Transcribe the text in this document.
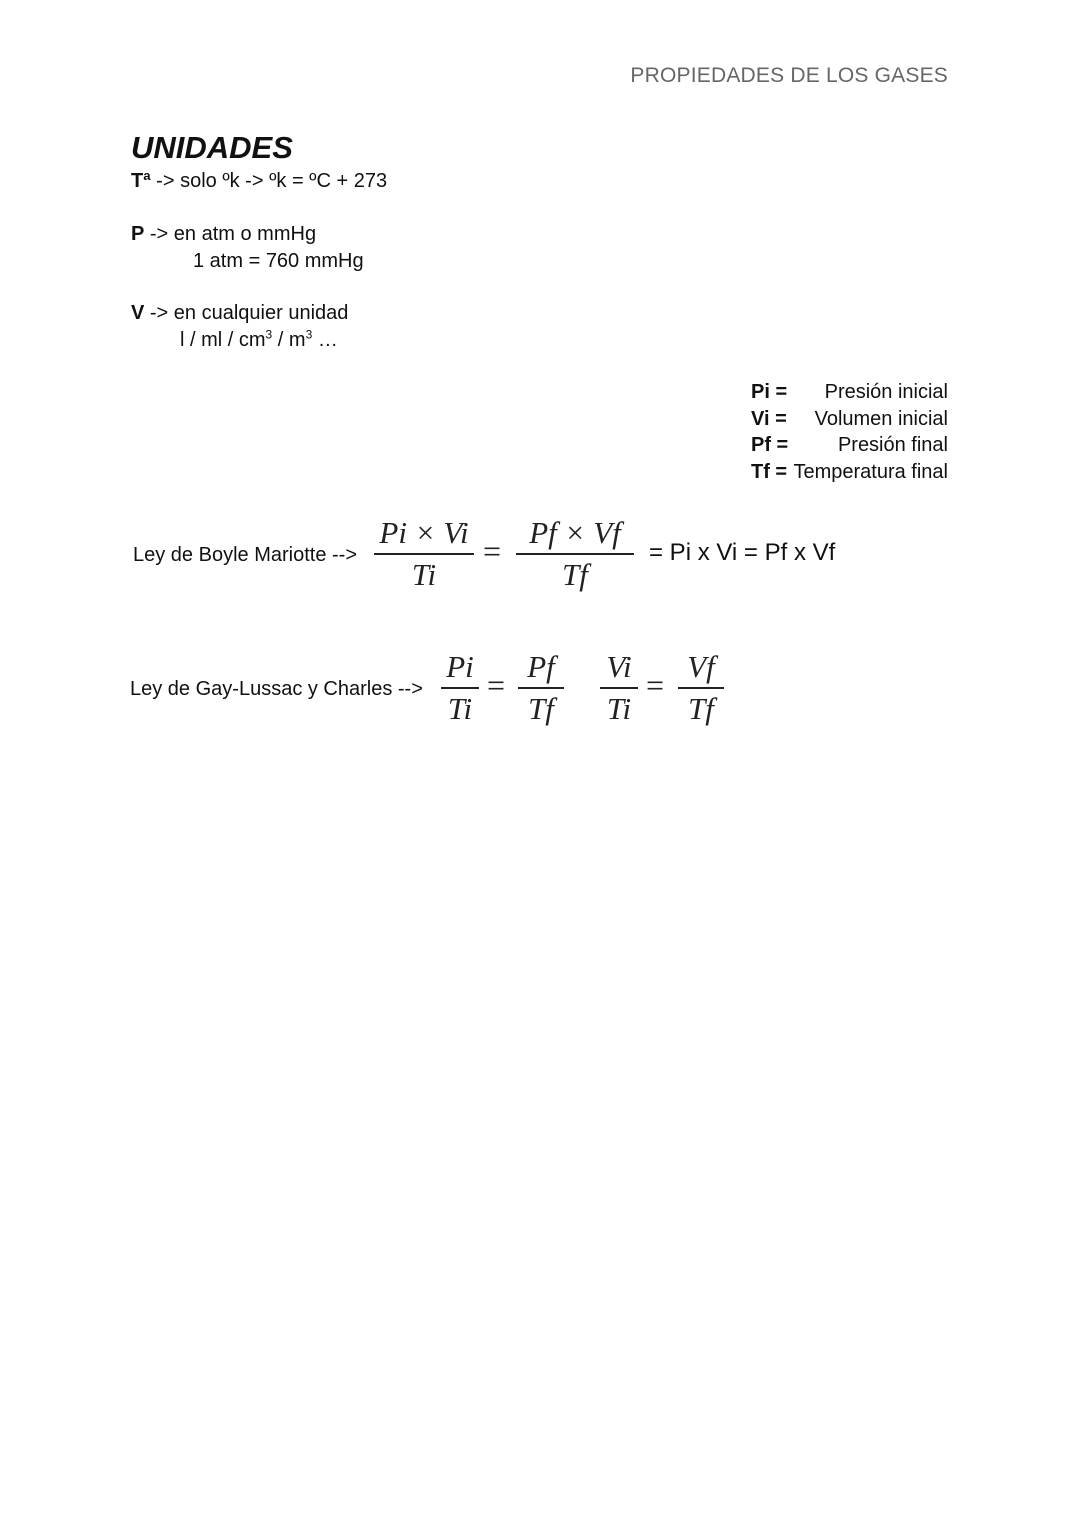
PROPIEDADES DE LOS GASES
UNIDADES
Tª -> solo ºk -> ºk = ºC + 273
P -> en atm o mmHg
1 atm = 760 mmHg
V -> en cualquier unidad
l / ml / $cm^3 / m^3$ …
Pi = Presión inicial
Vi = Volumen inicial
Pf = Presión final
Tf = Temperatura final
Ley de Boyle Mariotte -->
Pi × Vi
Ti
=
Pf × Vf
Tf
= Pi x Vi = Pf x Vf
Ley de Gay-Lussac y Charles -->
Pi
Ti
=
Pf
Tf
Vi
Ti
=
Vf
Tf
